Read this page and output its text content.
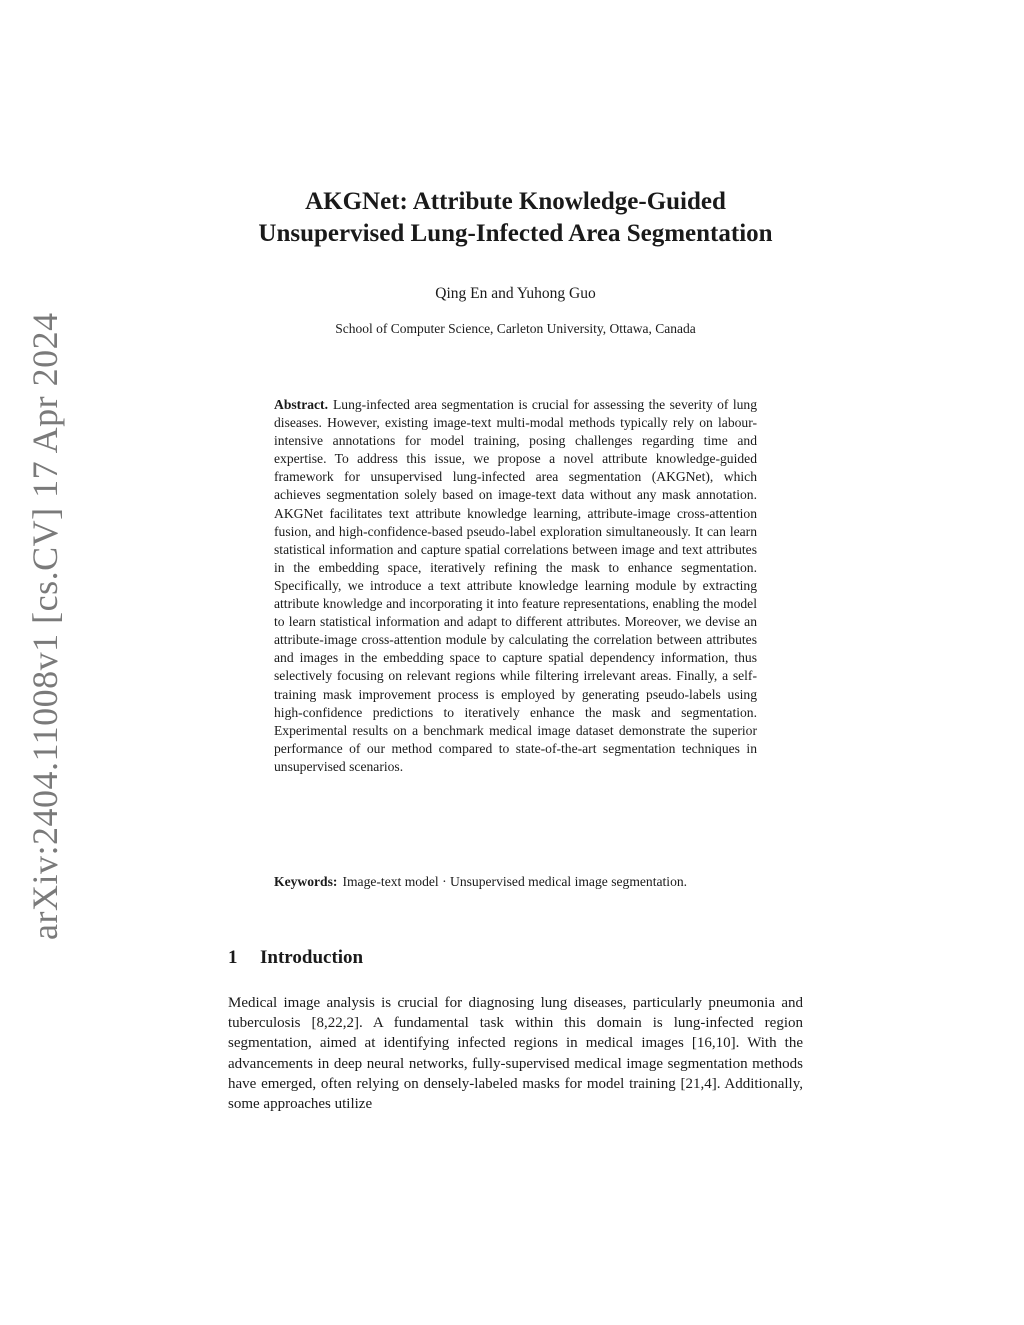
arXiv:2404.11008v1 [cs.CV] 17 Apr 2024

AKGNet: Attribute Knowledge-Guided

Unsupervised Lung-Infected Area Segmentation

Qing En and Yuhong Guo
School of Computer Science, Carleton University, Ottawa, Canada

Abstract. Lung-infected area segmentation is crucial for assessing the severity of lung diseases. However, existing image-text multi-modal methods typically rely on labour-intensive annotations for model training, posing challenges regarding time and expertise. To address this issue, we propose a novel attribute knowledge-guided framework for unsupervised lung-infected area segmentation (AKGNet), which achieves segmentation solely based on image-text data without any mask annotation. AKGNet facilitates text attribute knowledge learning, attribute-image cross-attention fusion, and high-confidence-based pseudo-label exploration simultaneously. It can learn statistical information and capture spatial correlations between image and text attributes in the embedding space, iteratively refining the mask to enhance segmentation. Specifically, we introduce a text attribute knowledge learning module by extracting attribute knowledge and incorporating it into feature representations, enabling the model to learn statistical information and adapt to different attributes. Moreover, we devise an attribute-image cross-attention module by calculating the correlation between attributes and images in the embedding space to capture spatial dependency information, thus selectively focusing on relevant regions while filtering irrelevant areas. Finally, a self-training mask improvement process is employed by generating pseudo-labels using high-confidence predictions to iteratively enhance the mask and segmentation. Experimental results on a benchmark medical image dataset demonstrate the superior performance of our method compared to state-of-the-art segmentation techniques in unsupervised scenarios.

Keywords: Image-text model · Unsupervised medical image segmentation.
1 Introduction

Medical image analysis is crucial for diagnosing lung diseases, particularly pneumonia and tuberculosis [8,22,2]. A fundamental task within this domain is lung-infected region segmentation, aimed at identifying infected regions in medical images [16,10]. With the advancements in deep neural networks, fully-supervised medical image segmentation methods have emerged, often relying on densely-labeled masks for model training [21,4]. Additionally, some approaches utilize
